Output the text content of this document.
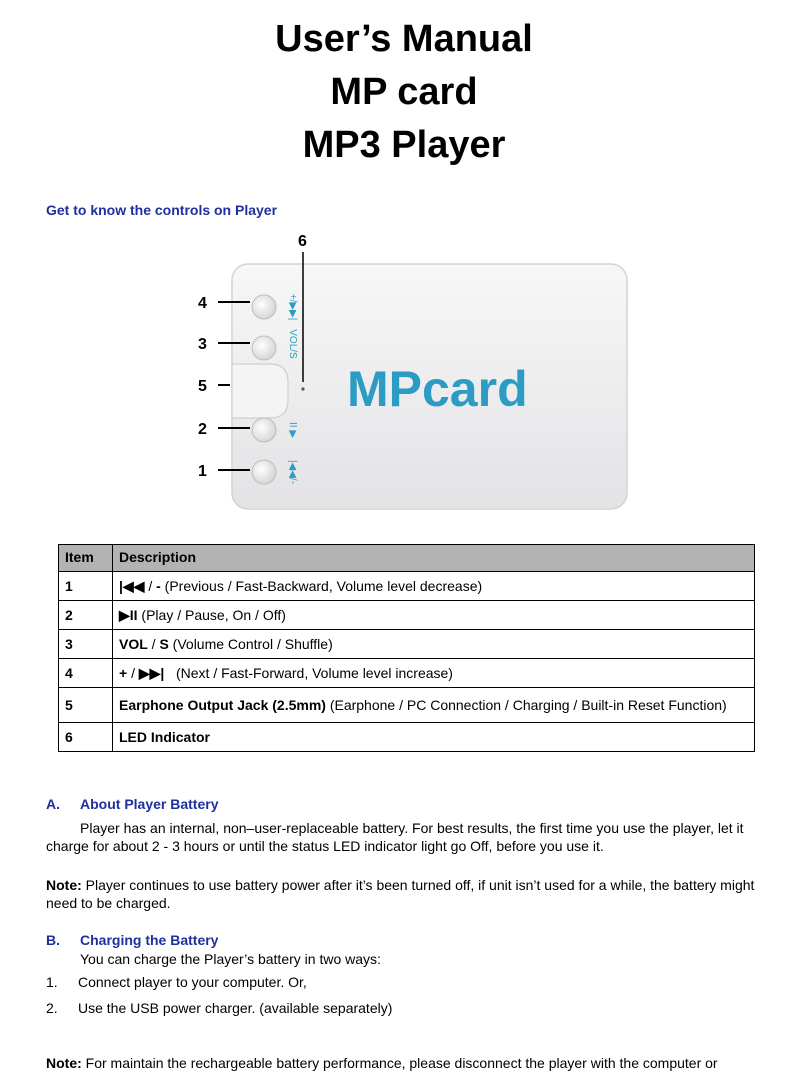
User’s Manual
MP card
MP3 Player

Get to know the controls on Player

+/▶▶|
VOL/S
II ▶
|◀◀/-
MPcard
6
4
3
5
2
1
Item	Description
1	|◀◀ / - (Previous / Fast-Backward, Volume level decrease)
2	▶II (Play / Pause, On / Off)
3	VOL / S (Volume Control / Shuffle)
4	+ / ▶▶|   (Next / Fast-Forward, Volume level increase)
5	Earphone Output Jack (2.5mm) (Earphone / PC Connection / Charging / Built-in Reset Function)
6	LED Indicator

A. About Player Battery

Player has an internal, non–user-replaceable battery. For best results, the first time you use the player, let it charge for about 2 - 3 hours or until the status LED indicator light go Off, before you use it.

Note: Player continues to use battery power after it’s been turned off, if unit isn’t used for a while, the battery might need to be charged.

B. Charging the Battery

You can charge the Player’s battery in two ways:

1. Connect player to your computer. Or,
2. Use the USB power charger. (available separately)

Note: For maintain the rechargeable battery performance, please disconnect the player with the computer or
